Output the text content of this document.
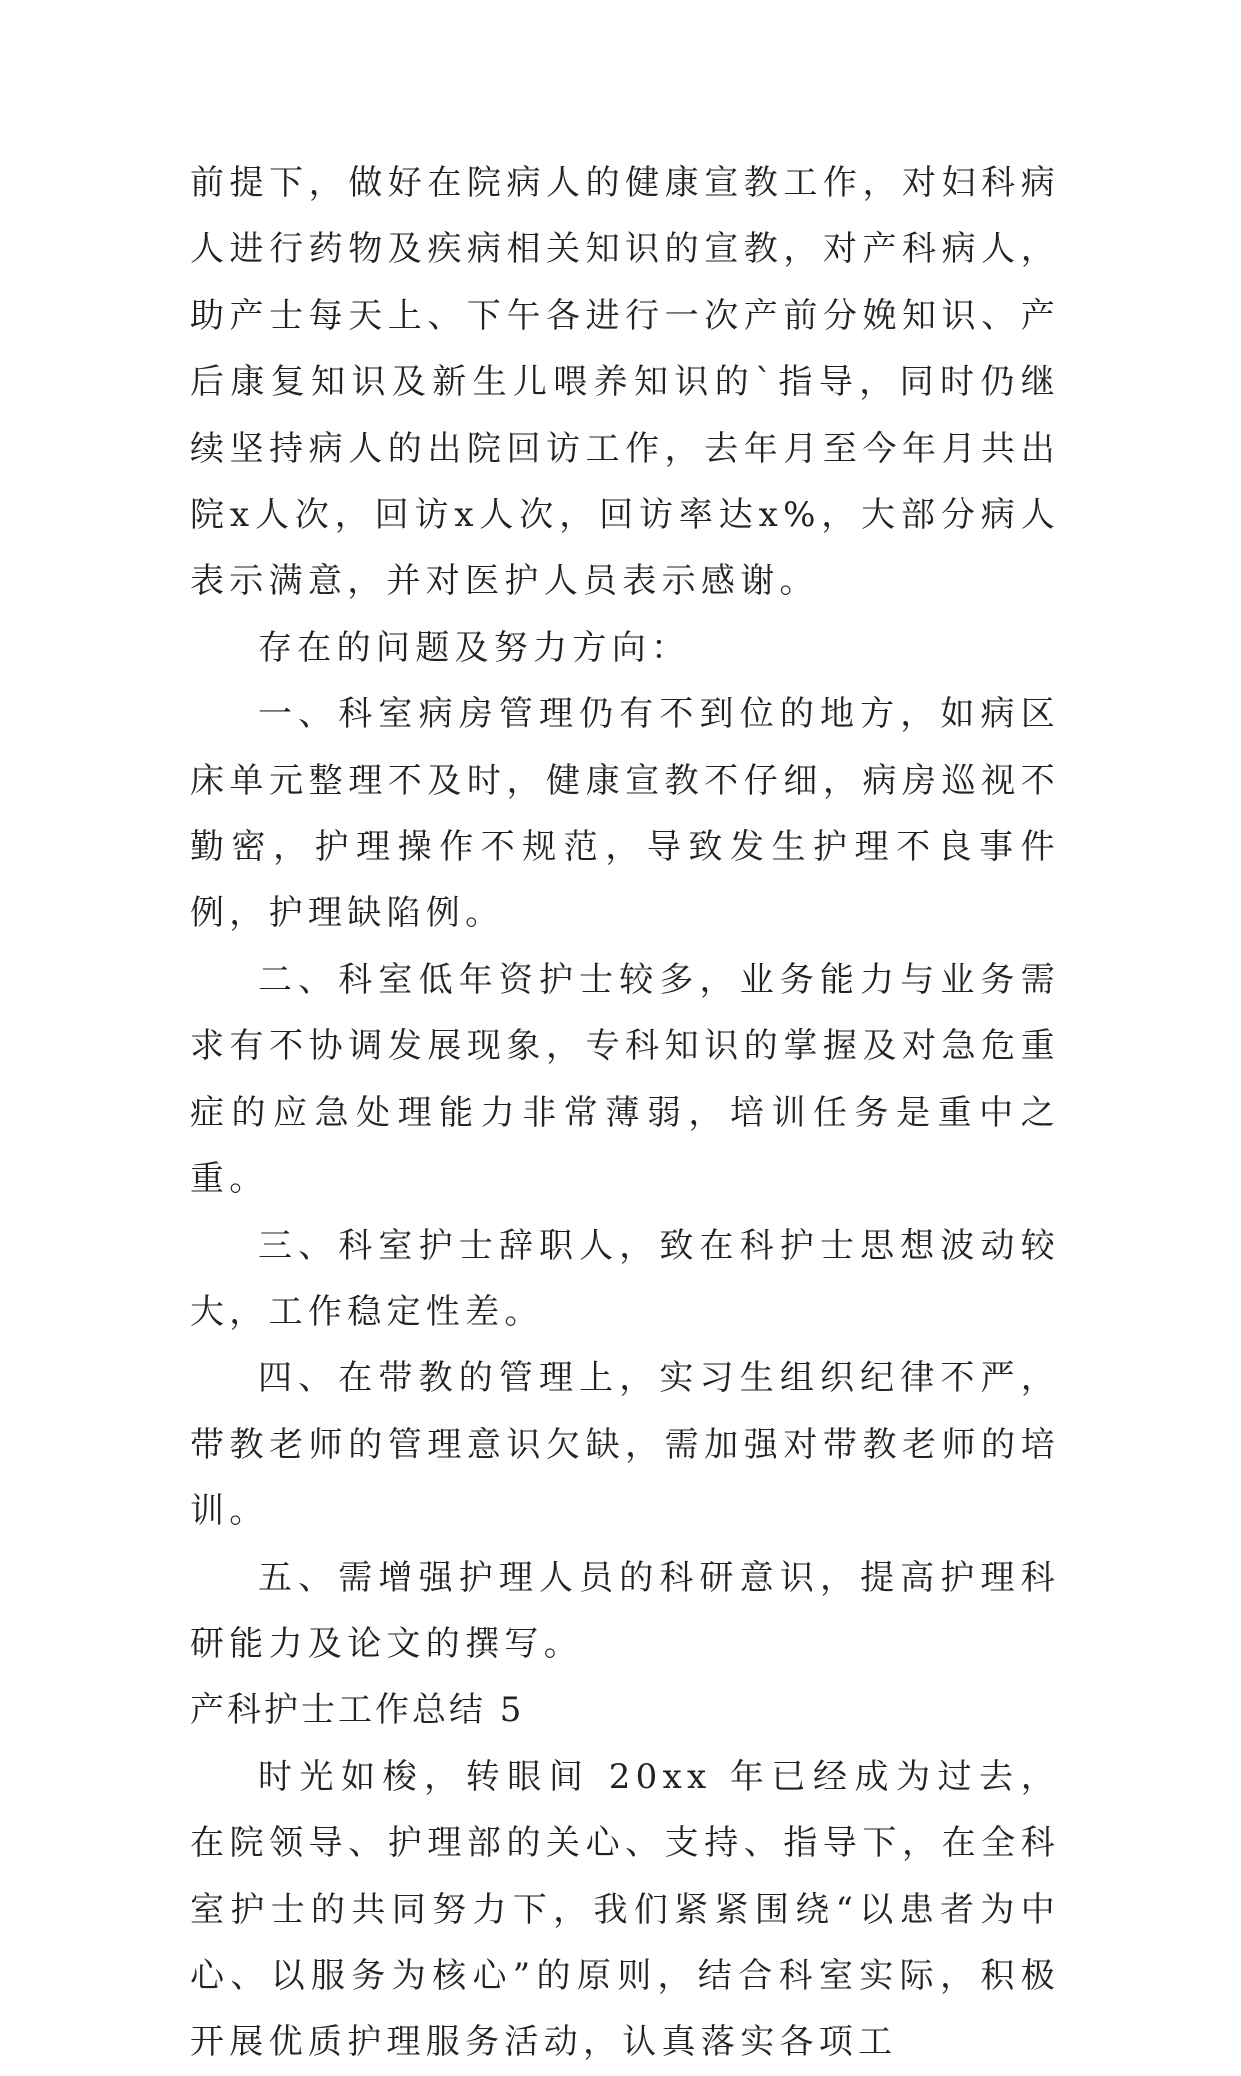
前提下，做好在院病人的健康宣教工作，对妇科病人进行药物及疾病相关知识的宣教，对产科病人，助产士每天上、下午各进行一次产前分娩知识、产后康复知识及新生儿喂养知识的`指导，同时仍继续坚持病人的出院回访工作，去年月至今年月共出院x人次，回访x人次，回访率达x%，大部分病人表示满意，并对医护人员表示感谢。

存在的问题及努力方向：

一、科室病房管理仍有不到位的地方，如病区床单元整理不及时，健康宣教不仔细，病房巡视不勤密，护理操作不规范，导致发生护理不良事件例，护理缺陷例。

二、科室低年资护士较多，业务能力与业务需求有不协调发展现象，专科知识的掌握及对急危重症的应急处理能力非常薄弱，培训任务是重中之重。

三、科室护士辞职人，致在科护士思想波动较大，工作稳定性差。

四、在带教的管理上，实习生组织纪律不严，带教老师的管理意识欠缺，需加强对带教老师的培训。

五、需增强护理人员的科研意识，提高护理科研能力及论文的撰写。

产科护士工作总结 5

时光如梭，转眼间 20xx 年已经成为过去，在院领导、护理部的关心、支持、指导下，在全科室护士的共同努力下，我们紧紧围绕“以患者为中心、以服务为核心”的原则，结合科室实际，积极开展优质护理服务活动，认真落实各项工
